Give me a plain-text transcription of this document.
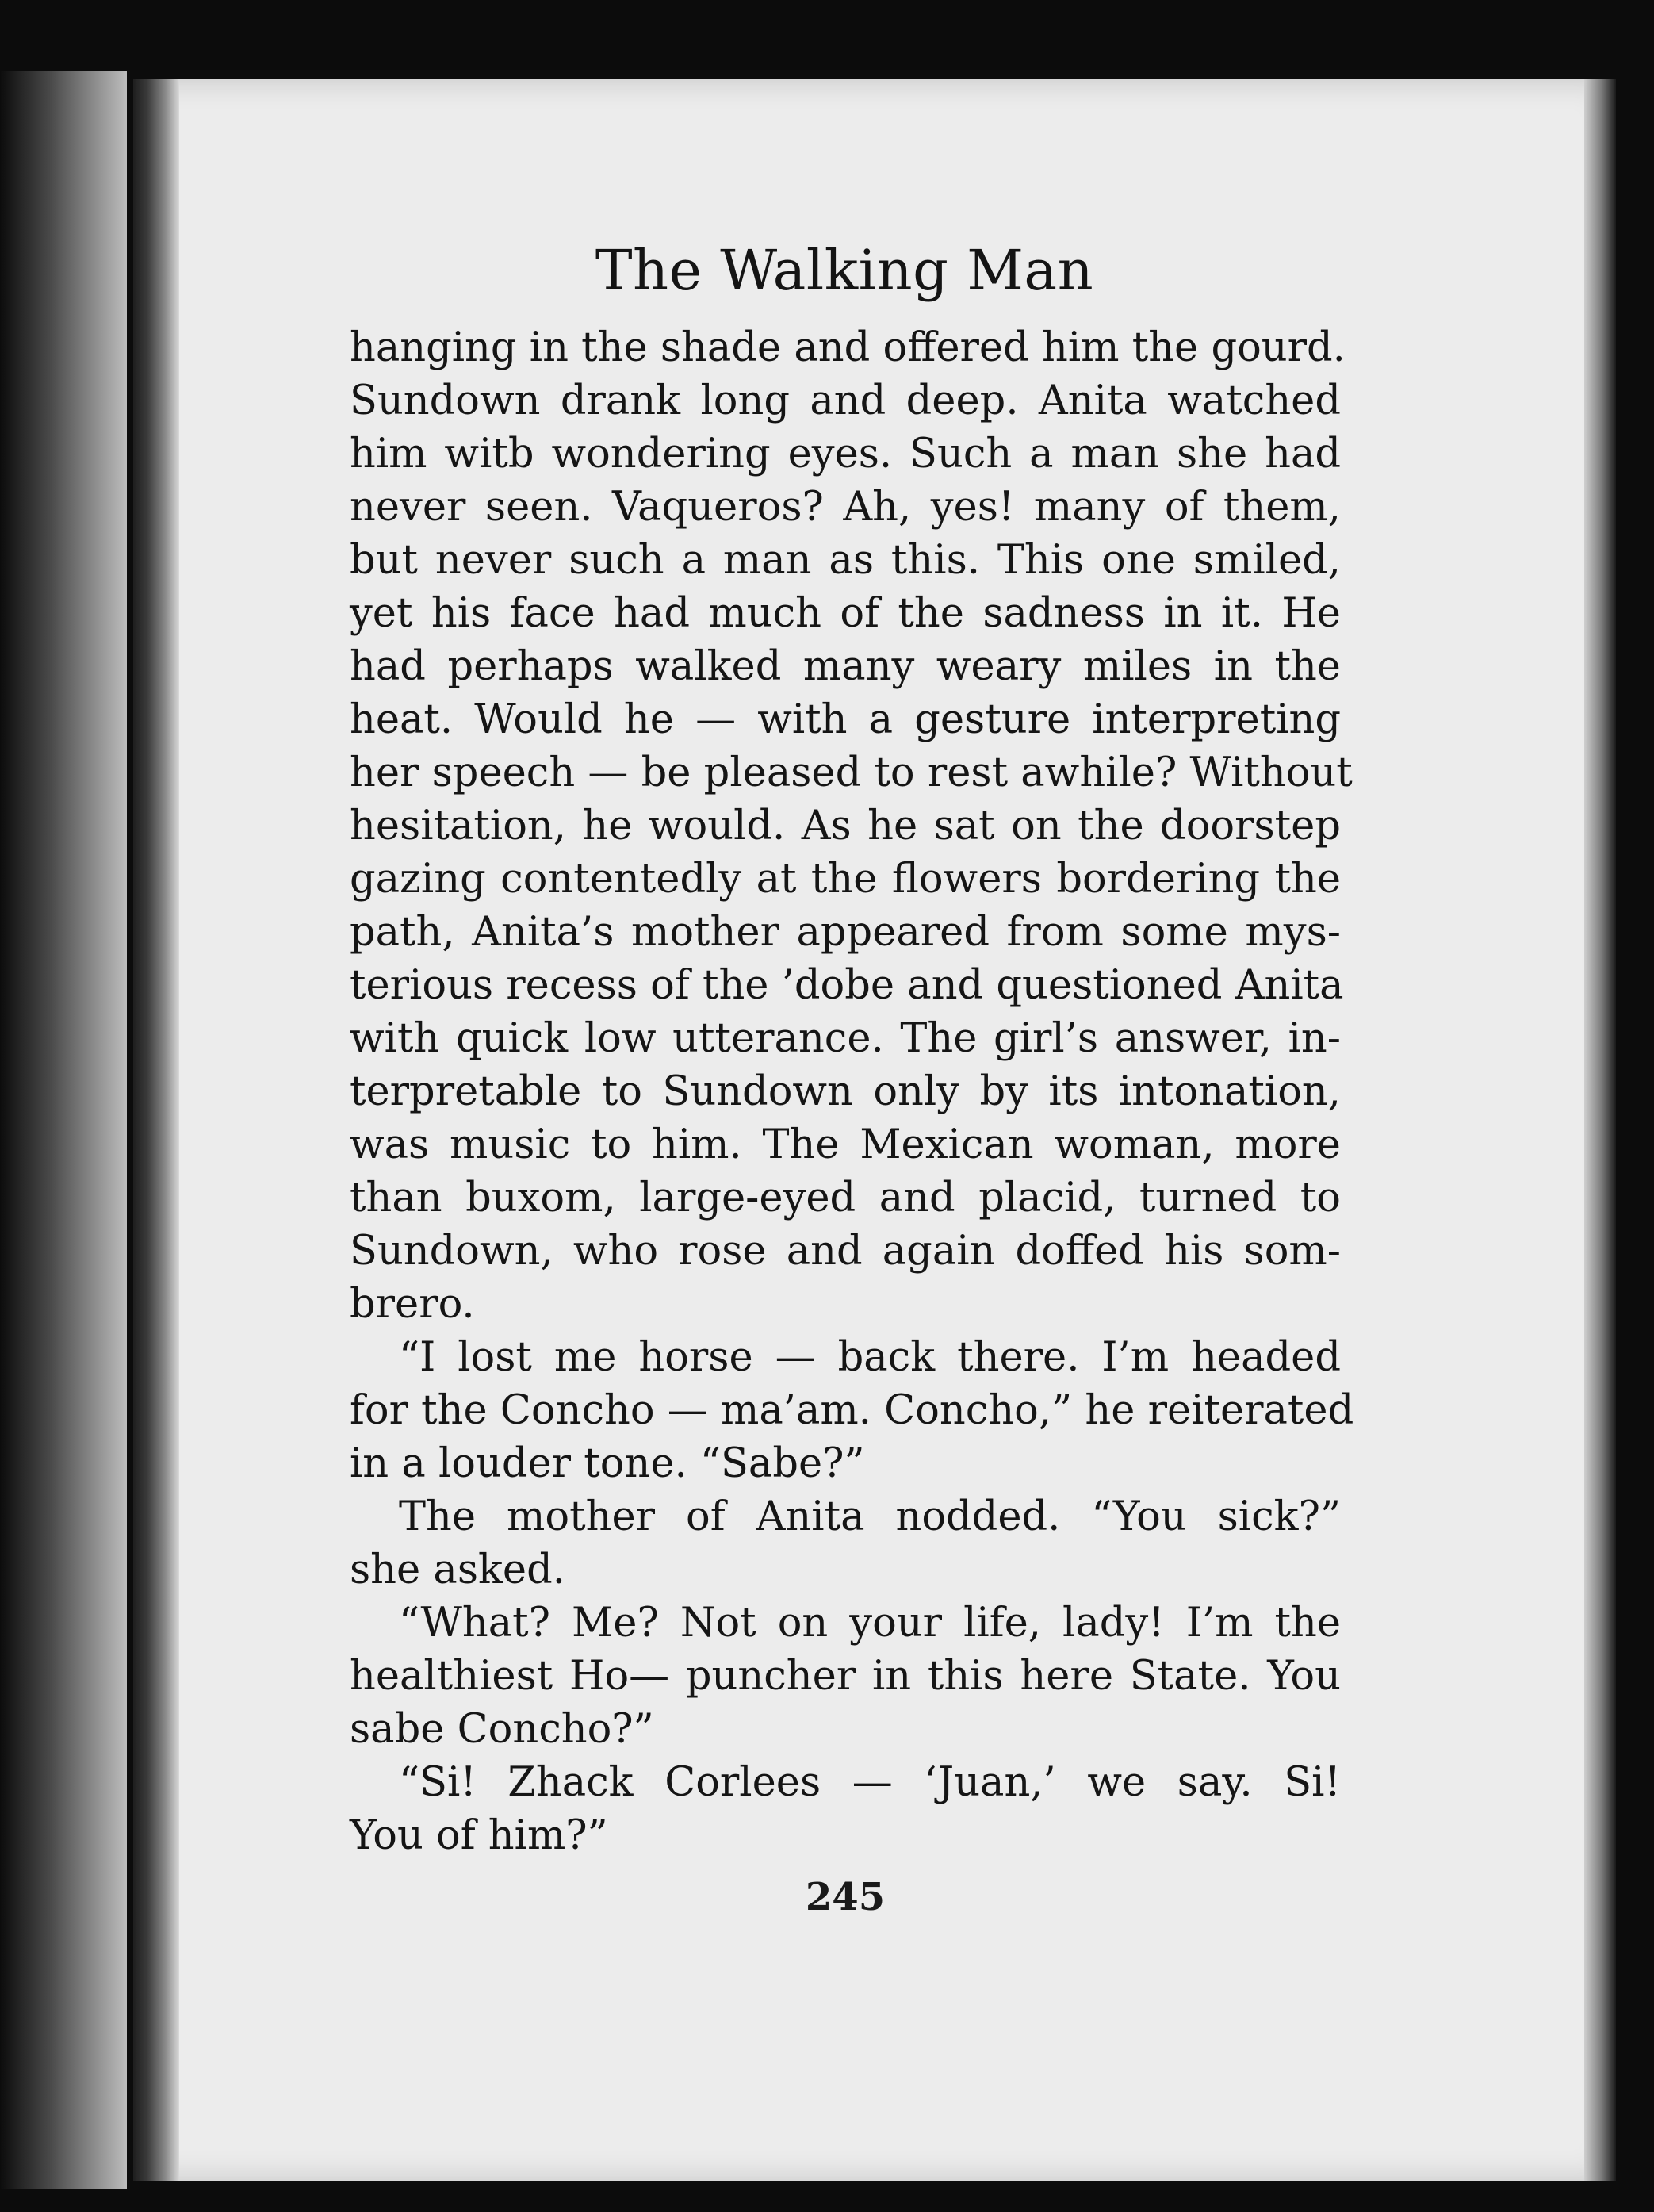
The Walking Man
hanging in the shade and offered him the gourd.
Sundown drank long and deep. Anita watched
him witb wondering eyes. Such a man she had
never seen. Vaqueros? Ah, yes! many of them,
but never such a man as this. This one smiled,
yet his face had much of the sadness in it. He
had perhaps walked many weary miles in the
heat. Would he — with a gesture interpreting
her speech — be pleased to rest awhile? Without
hesitation, he would. As he sat on the doorstep
gazing contentedly at the flowers bordering the
path, Anita’s mother appeared from some mys-
terious recess of the ’dobe and questioned Anita
with quick low utterance. The girl’s answer, in-
terpretable to Sundown only by its intonation,
was music to him. The Mexican woman, more
than buxom, large-eyed and placid, turned to
Sundown, who rose and again doffed his som-
brero.
“I lost me horse — back there. I’m headed
for the Concho — ma’am. Concho,” he reiterated
in a louder tone. “Sabe?”
The mother of Anita nodded. “You sick?”
she asked.
“What? Me? Not on your life, lady! I’m the
healthiest Ho— puncher in this here State. You
sabe Concho?”
“Si! Zhack Corlees — ‘Juan,’ we say. Si!
You of him?”
245
